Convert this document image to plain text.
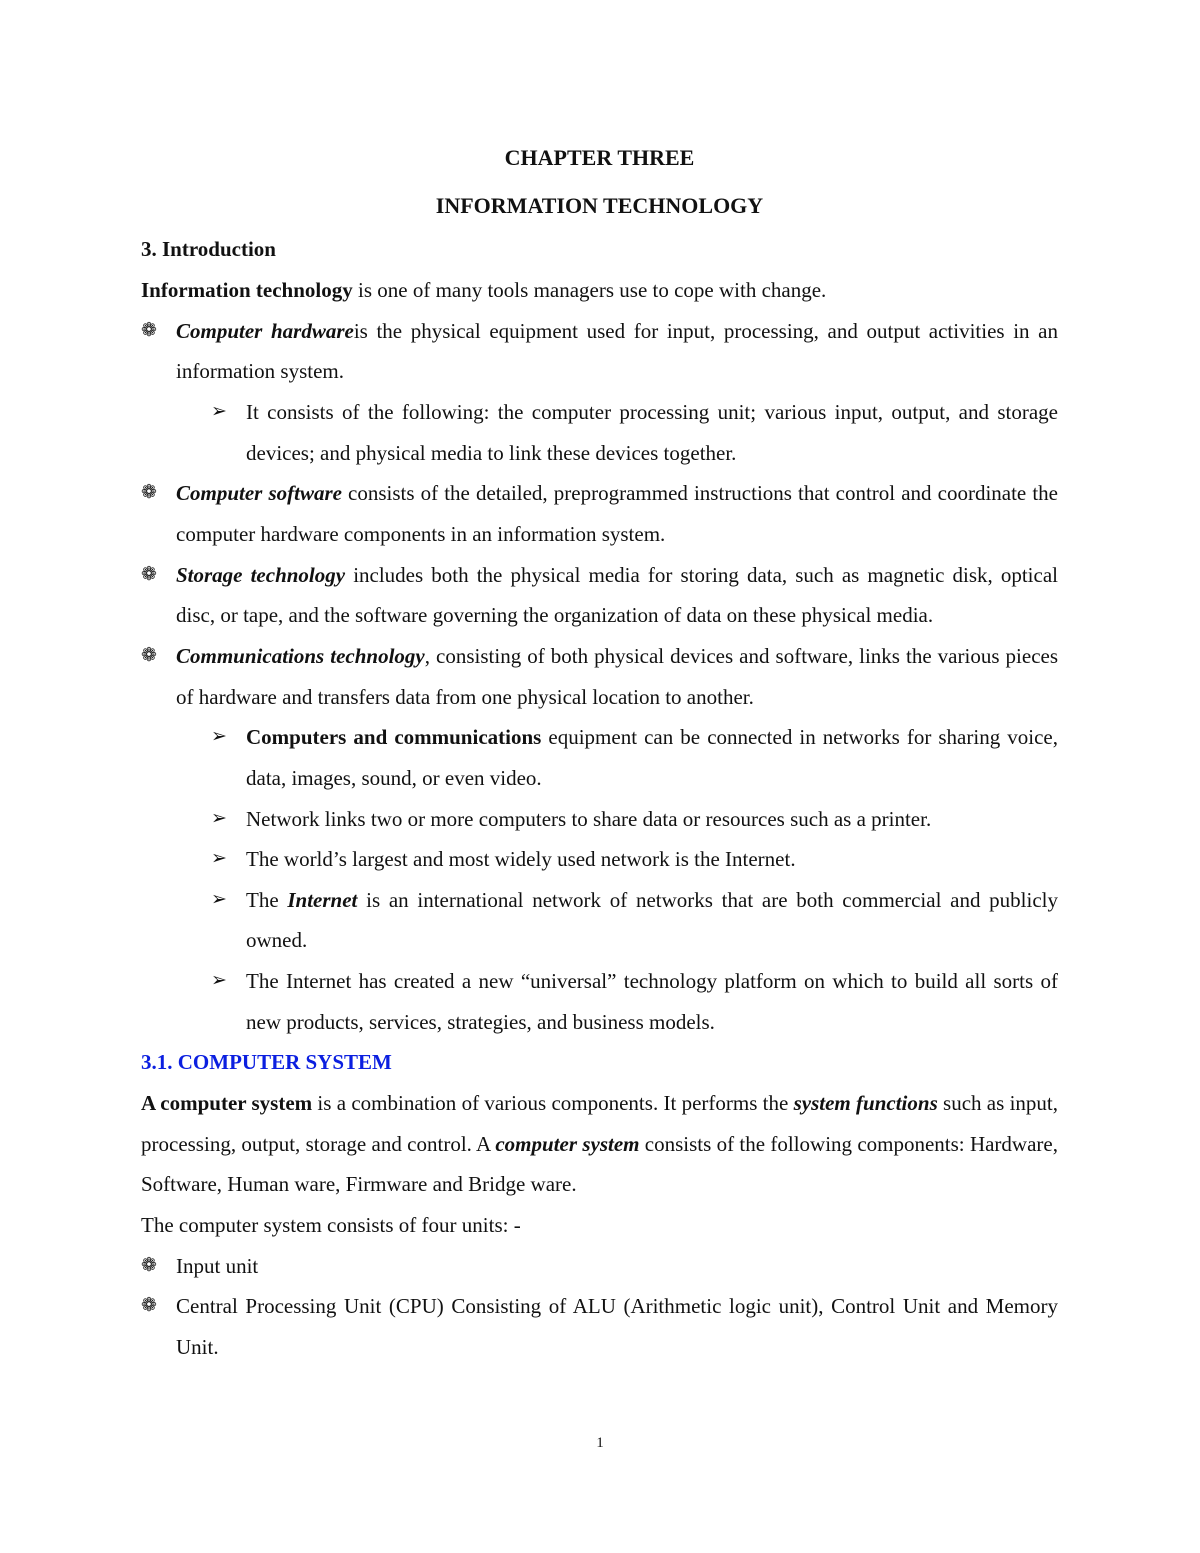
CHAPTER THREE
INFORMATION TECHNOLOGY
3. Introduction
Information technology is one of many tools managers use to cope with change.
❁ Computer hardwareis the physical equipment used for input, processing, and output activities in an information system.
➢ It consists of the following: the computer processing unit; various input, output, and storage devices; and physical media to link these devices together.
❁ Computer software consists of the detailed, preprogrammed instructions that control and coordinate the computer hardware components in an information system.
❁ Storage technology includes both the physical media for storing data, such as magnetic disk, optical disc, or tape, and the software governing the organization of data on these physical media.
❁ Communications technology, consisting of both physical devices and software, links the various pieces of hardware and transfers data from one physical location to another.
➢ Computers and communications equipment can be connected in networks for sharing voice, data, images, sound, or even video.
➢ Network links two or more computers to share data or resources such as a printer.
➢ The world’s largest and most widely used network is the Internet.
➢ The Internet is an international network of networks that are both commercial and publicly owned.
➢ The Internet has created a new “universal” technology platform on which to build all sorts of new products, services, strategies, and business models.
3.1. COMPUTER SYSTEM
A computer system is a combination of various components. It performs the system functions such as input, processing, output, storage and control. A computer system consists of the following components: Hardware, Software, Human ware, Firmware and Bridge ware.
The computer system consists of four units: -
❁ Input unit
❁ Central Processing Unit (CPU) Consisting of ALU (Arithmetic logic unit), Control Unit and Memory Unit.
1
